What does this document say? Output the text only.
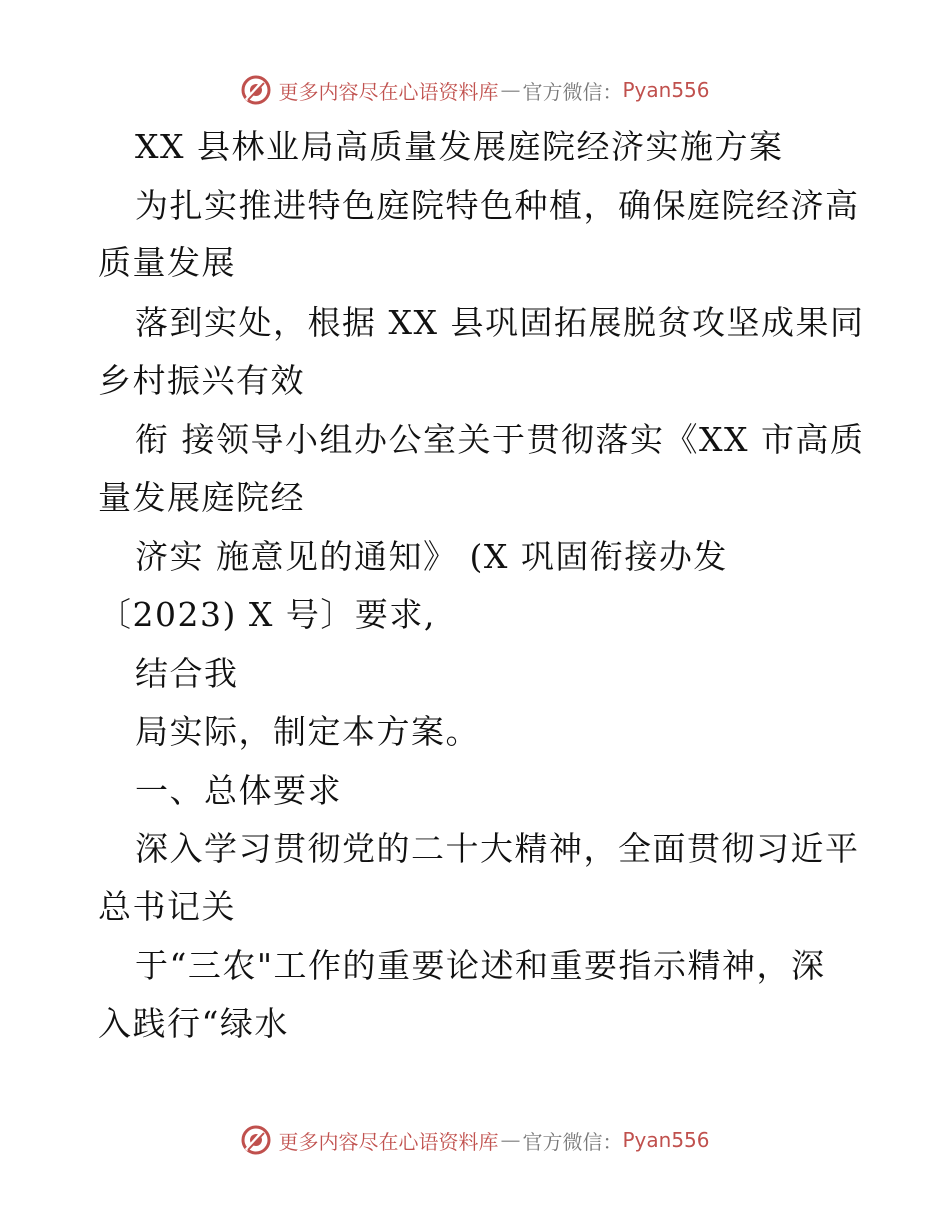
更多内容尽在心语资料库 — 官方微信： Pyan556
XX 县林业局高质量发展庭院经济实施方案
为扎实推进特色庭院特色种植，确保庭院经济高
质量发展
落到实处，根据 XX 县巩固拓展脱贫攻坚成果同
乡村振兴有效
衔 接领导小组办公室关于贯彻落实《XX 市高质
量发展庭院经
济实 施意见的通知》 (X 巩固衔接办发
〔2023) X 号〕要求,
结合我
局实际，制定本方案。
一、总体要求
深入学习贯彻党的二十大精神，全面贯彻习近平
总书记关
于“三农"工作的重要论述和重要指示精神，深
入践行“绿水
更多内容尽在心语资料库 — 官方微信： Pyan556
